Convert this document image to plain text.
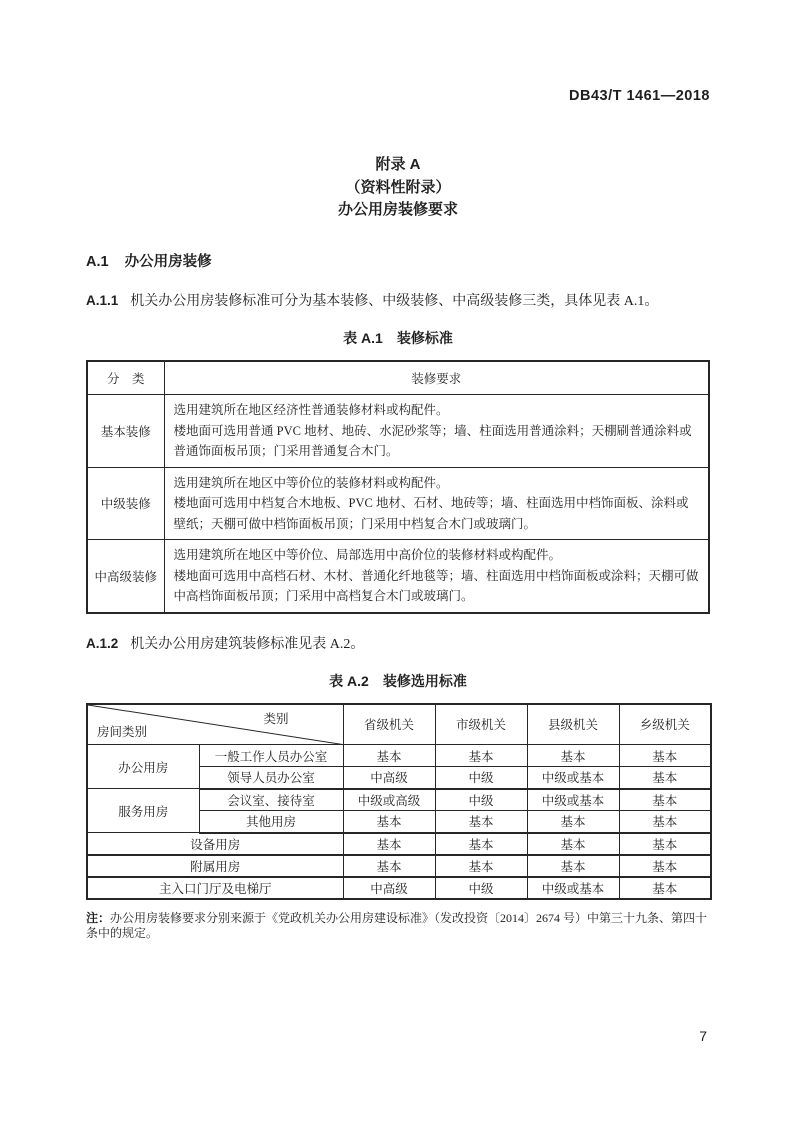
DB43/T 1461—2018
附录 A
（资料性附录）
办公用房装修要求
A.1 办公用房装修
A.1.1 机关办公用房装修标准可分为基本装修、中级装修、中高级装修三类，具体见表 A.1。
表 A.1 装修标准
分　类	装修要求
基本装修	选用建筑所在地区经济性普通装修材料或构配件。
楼地面可选用普通 PVC 地材、地砖、水泥砂浆等；墙、柱面选用普通涂料；天棚刷普通涂料或普通饰面板吊顶；门采用普通复合木门。

中级装修	选用建筑所在地区中等价位的装修材料或构配件。
楼地面可选用中档复合木地板、PVC 地材、石材、地砖等；墙、柱面选用中档饰面板、涂料或壁纸；天棚可做中档饰面板吊顶；门采用中档复合木门或玻璃门。

中高级装修	选用建筑所在地区中等价位、局部选用中高价位的装修材料或构配件。
楼地面可选用中高档石材、木材、普通化纤地毯等；墙、柱面选用中档饰面板或涂料；天棚可做中高档饰面板吊顶；门采用中高档复合木门或玻璃门。
A.1.2 机关办公用房建筑装修标准见表 A.2。
表 A.2 装修选用标准
类别
房间类别		省级机关	市级机关	县级机关	乡级机关
办公用房	一般工作人员办公室	基本	基本	基本	基本
	领导人员办公室	中高级	中级	中级或基本	基本
服务用房	会议室、接待室	中级或高级	中级	中级或基本	基本
	其他用房	基本	基本	基本	基本
设备用房		基本	基本	基本	基本
附属用房		基本	基本	基本	基本
主入口门厅及电梯厅		中高级	中级	中级或基本	基本
注：办公用房装修要求分别来源于《党政机关办公用房建设标准》（发改投资〔2014〕2674 号）中第三十九条、第四十条中的规定。
7
